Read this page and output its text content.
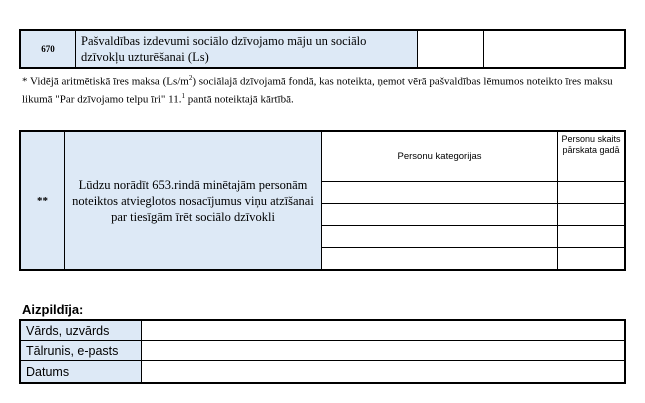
670
Pašvaldības izdevumi sociālo dzīvojamo māju un sociālo dzīvokļu uzturēšanai (Ls)
* Vidējā aritmētiskā īres maksa $(Ls/m^2)$ sociālajā dzīvojamā fondā, kas noteikta, ņemot vērā pašvaldības lēmumos noteikto īres maksu likumā "Par dzīvojamo telpu īri" 11.$^1$ pantā noteiktajā kārtībā.
**
Lūdzu norādīt 653.rindā minētajām personām noteiktos atvieglotos nosacījumus viņu atzīšanai par tiesīgām īrēt sociālo dzīvokli
Personu kategorijas
Personu skaits pārskata gadā
Aizpildīja:
Vārds, uzvārds
Tālrunis, e-pasts
Datums
